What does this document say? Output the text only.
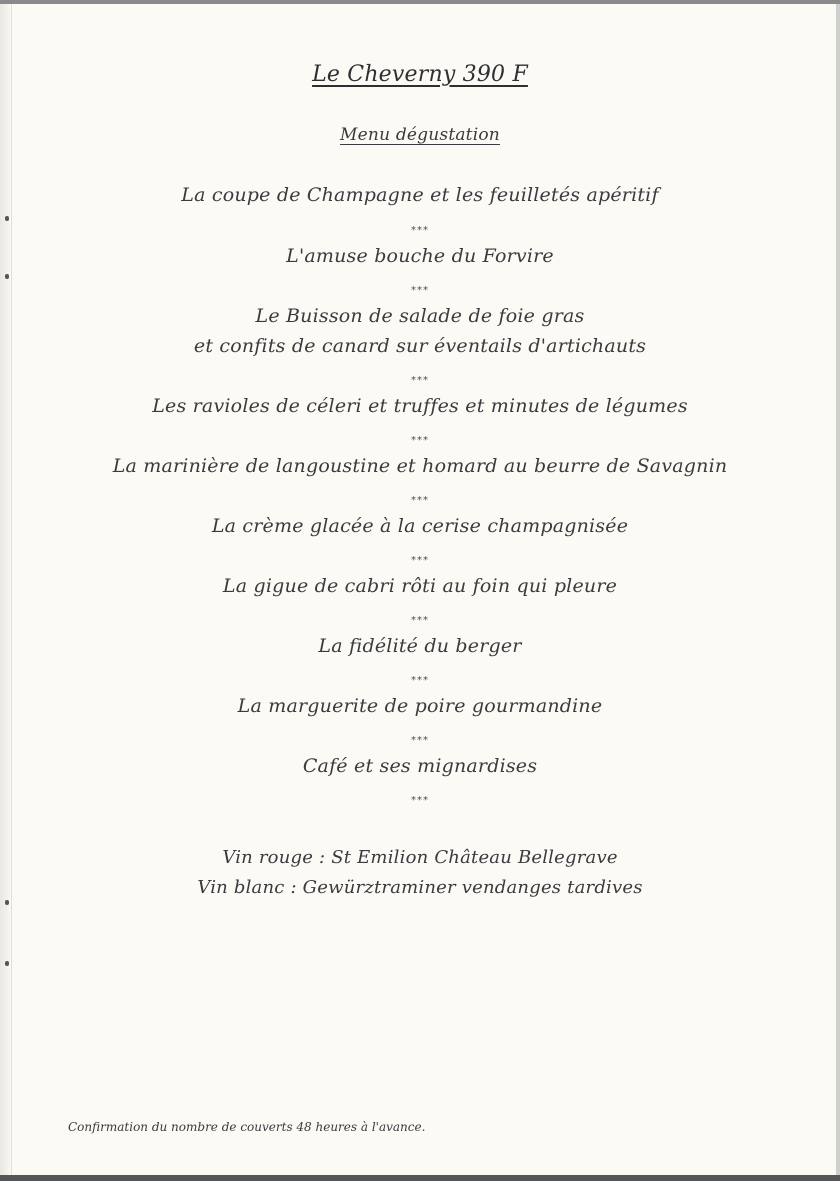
Le Cheverny 390 F
Menu dégustation
La coupe de Champagne et les feuilletés apéritif
***
L'amuse bouche du Forvire
***
Le Buisson de salade de foie gras
et confits de canard sur éventails d'artichauts
***
Les ravioles de céleri et truffes et minutes de légumes
***
La marinière de langoustine et homard au beurre de Savagnin
***
La crème glacée à la cerise champagnisée
***
La gigue de cabri rôti au foin qui pleure
***
La fidélité du berger
***
La marguerite de poire gourmandine
***
Café et ses mignardises
***
Vin rouge : St Emilion Château Bellegrave
Vin blanc : Gewürztraminer vendanges tardives
Confirmation du nombre de couverts 48 heures à l'avance.
